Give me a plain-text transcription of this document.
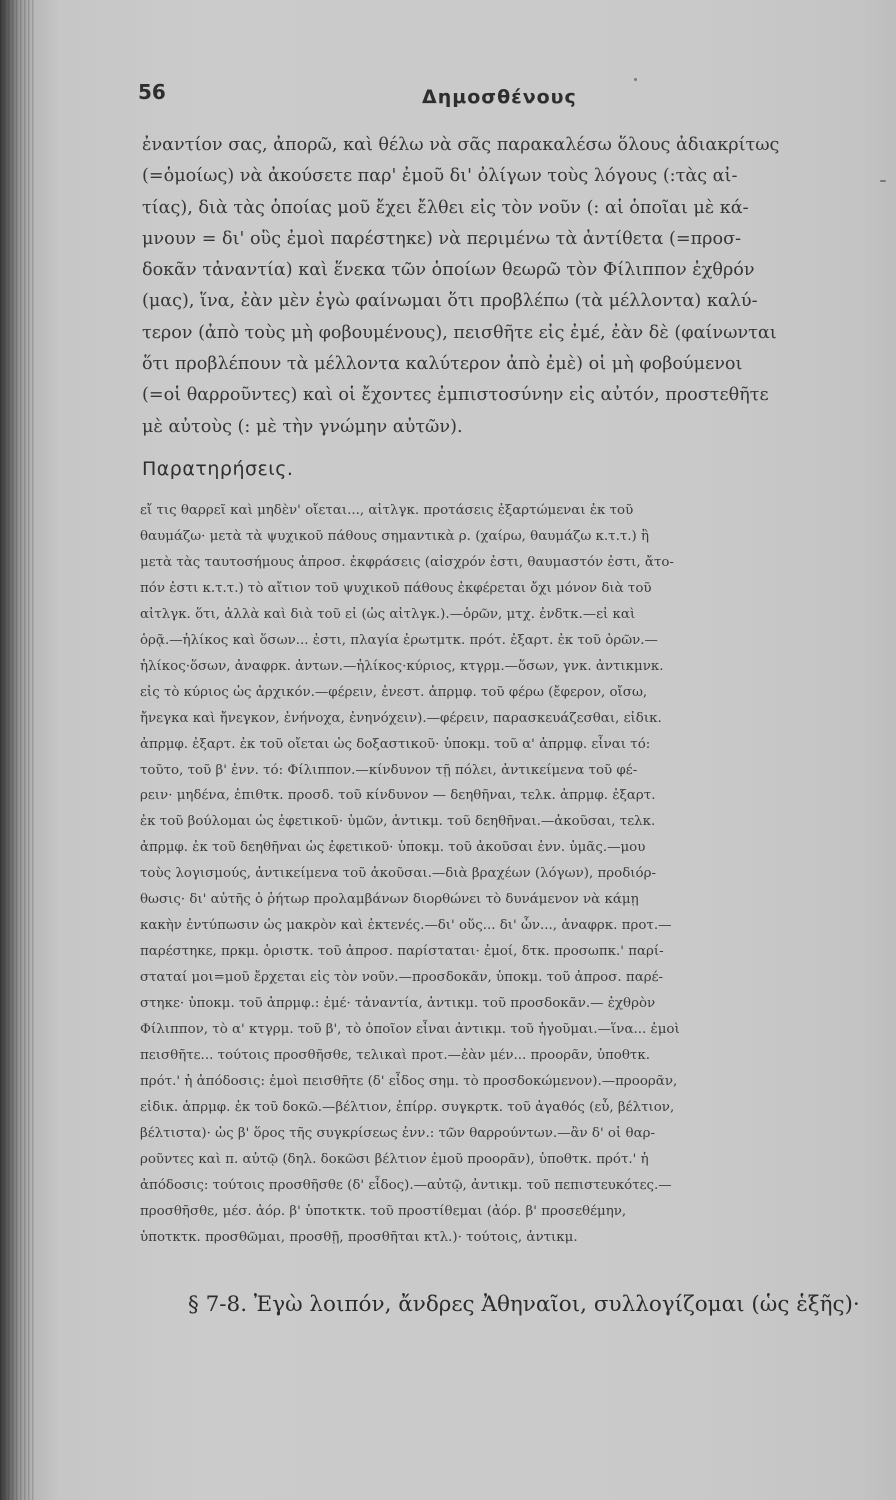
56	Δημοσθένους
ἐναντίον σας, ἀπορῶ, καὶ θέλω νὰ σᾶς παρακαλέσω ὅλους ἀδιακρίτως
(=ὁμοίως) νὰ ἀκούσετε παρ' ἐμοῦ δι' ὀλίγων τοὺς λόγους (:τὰς αἰ-
τίας), διὰ τὰς ὁποίας μοῦ ἔχει ἔλθει εἰς τὸν νοῦν (: αἱ ὁποῖαι μὲ κά-
μνουν = δι' οὓς ἐμοὶ παρέστηκε) νὰ περιμένω τὰ ἀντίθετα (=προσ-
δοκᾶν τἀναντία) καὶ ἕνεκα τῶν ὁποίων θεωρῶ τὸν Φίλιππον ἐχθρόν
(μας), ἵνα, ἐὰν μὲν ἐγὼ φαίνωμαι ὅτι προβλέπω (τὰ μέλλοντα) καλύ-
τερον (ἀπὸ τοὺς μὴ φοβουμένους), πεισθῆτε εἰς ἐμέ, ἐὰν δὲ (φαίνωνται
ὅτι προβλέπουν τὰ μέλλοντα καλύτερον ἀπὸ ἐμὲ) οἱ μὴ φοβούμενοι
(=οἱ θαρροῦντες) καὶ οἱ ἔχοντες ἐμπιστοσύνην εἰς αὐτόν, προστεθῆτε
μὲ αὐτοὺς (: μὲ τὴν γνώμην αὐτῶν).
Παρατηρήσεις.
εἴ τις θαρρεῖ καὶ μηδὲν' οἴεται..., αἰτλγκ. προτάσεις ἐξαρτώμεναι ἐκ τοῦ
θαυμάζω· μετὰ τὰ ψυχικοῦ πάθους σημαντικὰ ρ. (χαίρω, θαυμάζω κ.τ.τ.) ἢ
μετὰ τὰς ταυτοσήμους ἀπροσ. ἐκφράσεις (αἰσχρόν ἐστι, θαυμαστόν ἐστι, ἄτο-
πόν ἐστι κ.τ.τ.) τὸ αἴτιον τοῦ ψυχικοῦ πάθους ἐκφέρεται ὄχι μόνον διὰ τοῦ
αἰτλγκ. ὅτι, ἀλλὰ καὶ διὰ τοῦ εἰ (ὡς αἰτλγκ.).—ὁρῶν, μτχ. ἐνδτκ.—εἰ καὶ
ὁρᾷ.—ἡλίκος καὶ ὅσων... ἐστι, πλαγία ἐρωτμτκ. πρότ. ἐξαρτ. ἐκ τοῦ ὁρῶν.—
ἡλίκος·ὅσων, ἀναφρκ. ἀντων.—ἡλίκος·κύριος, κτγρμ.—ὅσων, γνκ. ἀντικμνκ.
εἰς τὸ κύριος ὡς ἀρχικόν.—φέρειν, ἐνεστ. ἀπρμφ. τοῦ φέρω (ἔφερον, οἴσω,
ἤνεγκα καὶ ἤνεγκον, ἐνήνοχα, ἐνηνόχειν).—φέρειν, παρασκευάζεσθαι, εἰδικ.
ἀπρμφ. ἐξαρτ. ἐκ τοῦ οἴεται ὡς δοξαστικοῦ· ὑποκμ. τοῦ α' ἀπρμφ. εἶναι τό:
τοῦτο, τοῦ β' ἐνν. τό: Φίλιππον.—κίνδυνον τῇ πόλει, ἀντικείμενα τοῦ φέ-
ρειν· μηδένα, ἐπιθτκ. προσδ. τοῦ κίνδυνον — δεηθῆναι, τελκ. ἀπρμφ. ἐξαρτ.
ἐκ τοῦ βούλομαι ὡς ἐφετικοῦ· ὑμῶν, ἀντικμ. τοῦ δεηθῆναι.—ἀκοῦσαι, τελκ.
ἀπρμφ. ἐκ τοῦ δεηθῆναι ὡς ἐφετικοῦ· ὑποκμ. τοῦ ἀκοῦσαι ἐνν. ὑμᾶς.—μου
τοὺς λογισμούς, ἀντικείμενα τοῦ ἀκοῦσαι.—διὰ βραχέων (λόγων), προδιόρ-
θωσις· δι' αὐτῆς ὁ ῥήτωρ προλαμβάνων διορθώνει τὸ δυνάμενον νὰ κάμῃ
κακὴν ἐντύπωσιν ὡς μακρὸν καὶ ἐκτενές.—δι' οὕς... δι' ὧν..., ἀναφρκ. προτ.—
παρέστηκε, πρκμ. ὁριστκ. τοῦ ἀπροσ. παρίσταται· ἐμοί, δτκ. προσωπκ.' παρί-
σταταί μοι=μοῦ ἔρχεται εἰς τὸν νοῦν.—προσδοκᾶν, ὑποκμ. τοῦ ἀπροσ. παρέ-
στηκε· ὑποκμ. τοῦ ἀπρμφ.: ἐμέ· τἀναντία, ἀντικμ. τοῦ προσδοκᾶν.— ἐχθρὸν
Φίλιππον, τὸ α' κτγρμ. τοῦ β', τὸ ὁποῖον εἶναι ἀντικμ. τοῦ ἡγοῦμαι.—ἵνα... ἐμοὶ
πεισθῆτε... τούτοις προσθῆσθε, τελικαὶ προτ.—ἐὰν μέν... προορᾶν, ὑποθτκ.
πρότ.' ἡ ἀπόδοσις: ἐμοὶ πεισθῆτε (δ' εἶδος σημ. τὸ προσδοκώμενον).—προορᾶν,
εἰδικ. ἀπρμφ. ἐκ τοῦ δοκῶ.—βέλτιον, ἐπίρρ. συγκρτκ. τοῦ ἀγαθός (εὖ, βέλτιον,
βέλτιστα)· ὡς β' ὅρος τῆς συγκρίσεως ἐνν.: τῶν θαρρούντων.—ἂν δ' οἱ θαρ-
ροῦντες καὶ π. αὐτῷ (δηλ. δοκῶσι βέλτιον ἐμοῦ προορᾶν), ὑποθτκ. πρότ.' ἡ
ἀπόδοσις: τούτοις προσθῆσθε (δ' εἶδος).—αὐτῷ, ἀντικμ. τοῦ πεπιστευκότες.—
προσθῆσθε, μέσ. ἀόρ. β' ὑποτκτκ. τοῦ προστίθεμαι (ἀόρ. β' προσεθέμην,
ὑποτκτκ. προσθῶμαι, προσθῇ, προσθῆται κτλ.)· τούτοις, ἀντικμ.
§ 7-8. Ἐγὼ λοιπόν, ἄνδρες Ἀθηναῖοι, συλλογίζομαι (ὡς ἑξῆς)·
